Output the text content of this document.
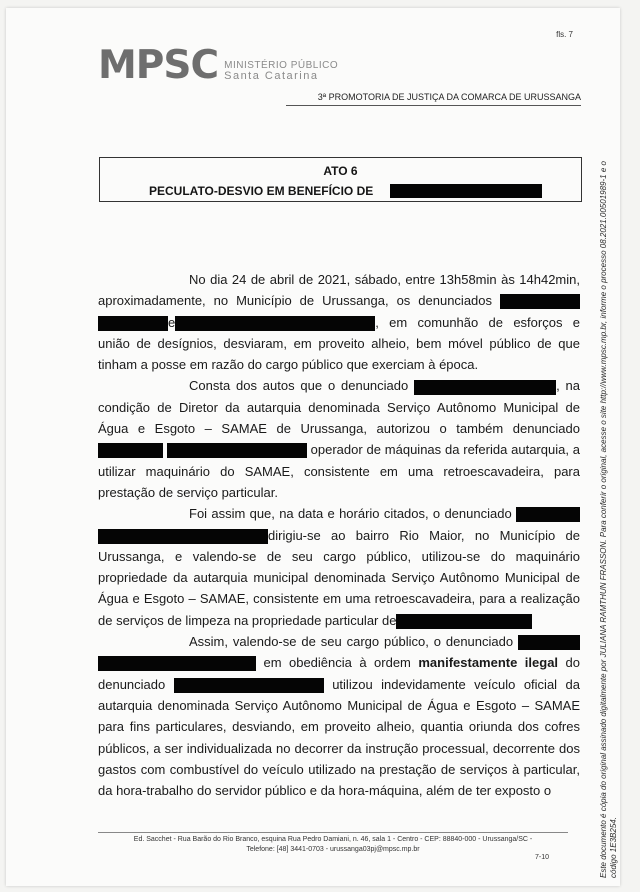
fls. 7
MPSC MINISTÉRIO PÚBLICO
Santa Catarina
3ª PROMOTORIA DE JUSTIÇA DA COMARCA DE URUSSANGA
ATO 6
PECULATO-DESVIO EM BENEFÍCIO DE

No dia 24 de abril de 2021, sábado, entre 13h58min às 14h42min, aproximadamente, no Município de Urussanga, os denunciados  e	, em comunhão de esforços e união de desígnios, desviaram, em proveito alheio, bem móvel público de que tinham a posse em razão do cargo público que exerciam à época.

Consta dos autos que o denunciado	, na condição de Diretor da autarquia denominada Serviço Autônomo Municipal de Água e Esgoto – SAMAE de Urussanga, autorizou o também denunciado   operador de máquinas da referida autarquia, a utilizar maquinário do SAMAE, consistente em uma retroescavadeira, para prestação de serviço particular.

Foi assim que, na data e horário citados, o denunciado  dirigiu-se ao bairro Rio Maior, no Município de Urussanga, e valendo-se de seu cargo público, utilizou-se do maquinário propriedade da autarquia municipal denominada Serviço Autônomo Municipal de Água e Esgoto – SAMAE, consistente em uma retroescavadeira, para a realização de serviços de limpeza na propriedade particular de

Assim, valendo-se de seu cargo público, o denunciado   em obediência à ordem manifestamente ilegal do denunciado	utilizou indevidamente veículo oficial da autarquia denominada Serviço Autônomo Municipal de Água e Esgoto – SAMAE para fins particulares, desviando, em proveito alheio, quantia oriunda dos cofres públicos, a ser individualizada no decorrer da instrução processual, decorrente dos gastos com combustível do veículo utilizado na prestação de serviços à particular, da hora-trabalho do servidor público e da hora-máquina, além de ter exposto o

Ed. Sacchet - Rua Barão do Rio Branco, esquina Rua Pedro Damiani, n. 46, sala 1 - Centro - CEP: 88840-000 - Urussanga/SC -
Telefone: [48] 3441-0703 - urussanga03pj@mpsc.mp.br
7-10	Este documento é cópia do original assinado digitalmente por JULIANA RAMTHUN FRASSON. Para conferir o original, acesse o site http://www.mpsc.mp.br, informe o processo 08.2021.00501989-1 e o código 1E3B254.
